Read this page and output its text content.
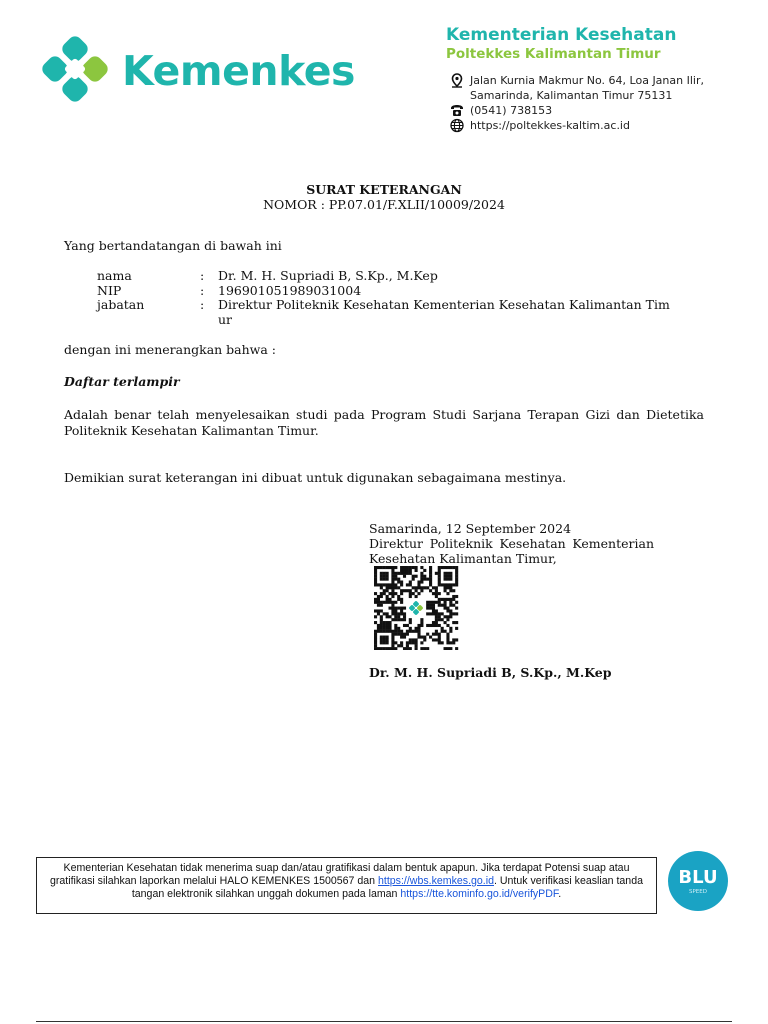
Kemenkes
Kementerian Kesehatan
Poltekkes Kalimantan Timur
Jalan Kurnia Makmur No. 64, Loa Janan Ilir,
Samarinda, Kalimantan Timur 75131
(0541) 738153
https://poltekkes-kaltim.ac.id
SURAT KETERANGAN
NOMOR : PP.07.01/F.XLII/10009/2024
Yang bertandatangan di bawah ini
nama	: Dr. M. H. Supriadi B, S.Kp., M.Kep
NIP	: 196901051989031004
jabatan	: Direktur Politeknik Kesehatan Kementerian Kesehatan Kalimantan Timur
dengan ini menerangkan bahwa :
Daftar terlampir
Adalah benar telah menyelesaikan studi pada Program Studi Sarjana Terapan Gizi dan Dietetika Politeknik Kesehatan Kalimantan Timur.
Demikian surat keterangan ini dibuat untuk digunakan sebagaimana mestinya.
Samarinda, 12 September 2024
Direktur Politeknik Kesehatan Kementerian Kesehatan Kalimantan Timur,
Dr. M. H. Supriadi B, S.Kp., M.Kep
Kementerian Kesehatan tidak menerima suap dan/atau gratifikasi dalam bentuk apapun. Jika terdapat Potensi suap atau gratifikasi silahkan laporkan melalui HALO KEMENKES 1500567 dan https://wbs.kemkes.go.id. Untuk verifikasi keaslian tanda tangan elektronik silahkan unggah dokumen pada laman https://tte.kominfo.go.id/verifyPDF.
BLU
SPEED
